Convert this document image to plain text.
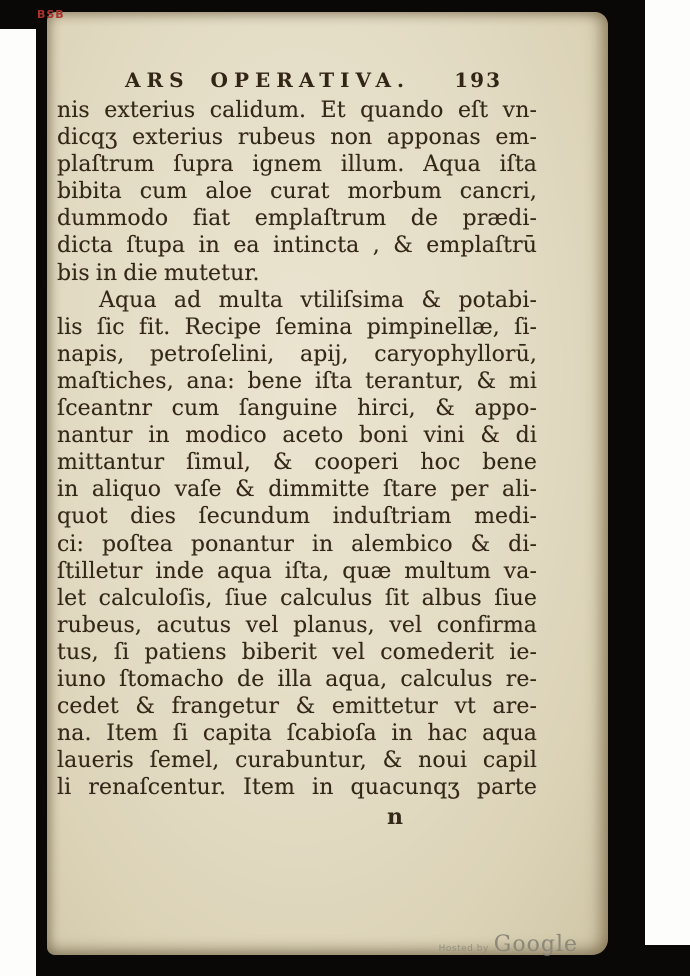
BSB
ARS OPERATIVA.	193
nis exterius calidum. Et quando eſt vn-
dicqʒ exterius rubeus non apponas em-
plaſtrum ſupra ignem illum. Aqua iſta
bibita cum aloe curat morbum cancri,
dummodo fiat emplaſtrum de prædi-
dicta ſtupa in ea intincta , & emplaſtrū
bis in die mutetur.
Aqua ad multa vtiliſsima & potabi-
lis ſic fit. Recipe ſemina pimpinellæ, ſi-
napis, petroſelini, apij, caryophyllorū,
maſtiches, ana: bene iſta terantur, & mi
ſceantnr cum ſanguine hirci, & appo-
nantur in modico aceto boni vini & di
mittantur ſimul, & cooperi hoc bene
in aliquo vaſe & dimmitte ſtare per ali-
quot dies ſecundum induſtriam medi-
ci: poſtea ponantur in alembico & di-
ſtilletur inde aqua iſta, quæ multum va-
let calculoſis, ſiue calculus ſit albus ſiue
rubeus, acutus vel planus, vel confirma
tus, ſi patiens biberit vel comederit ie-
iuno ſtomacho de illa aqua, calculus re-
cedet & frangetur & emittetur vt are-
na. Item ſi capita ſcabioſa in hac aqua
laueris ſemel, curabuntur, & noui capil
li renaſcentur. Item in quacunqʒ parte
n
Hosted by Google
